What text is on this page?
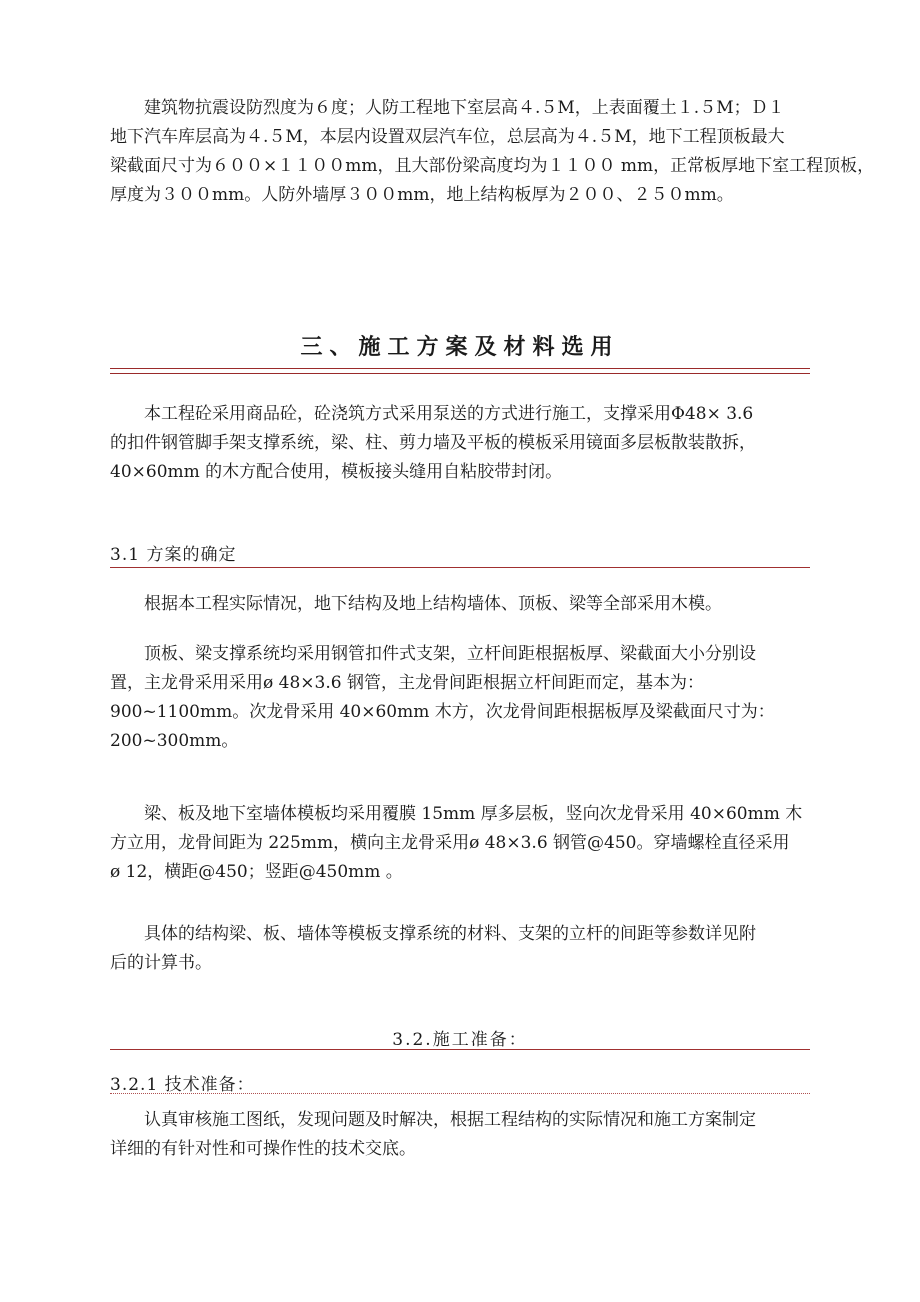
建筑物抗震设防烈度为６度；人防工程地下室层高４.５M，上表面覆土１.５M；Ｄ１
地下汽车库层高为４.５M，本层内设置双层汽车位，总层高为４.５M，地下工程顶板最大
梁截面尺寸为６００×１１００mm，且大部份梁高度均为１１００ mm，正常板厚地下室工程顶板，
厚度为３００mm。人防外墙厚３００mm，地上结构板厚为２００、２５０mm。
三、施工方案及材料选用
本工程砼采用商品砼，砼浇筑方式采用泵送的方式进行施工，支撑采用Φ48× 3.6
的扣件钢管脚手架支撑系统，梁、柱、剪力墙及平板的模板采用镜面多层板散装散拆，
40×60mm 的木方配合使用，模板接头缝用自粘胶带封闭。
3.1 方案的确定
根据本工程实际情况，地下结构及地上结构墙体、顶板、梁等全部采用木模。
顶板、梁支撑系统均采用钢管扣件式支架，立杆间距根据板厚、梁截面大小分别设
置，主龙骨采用采用ø 48×3.6 钢管，主龙骨间距根据立杆间距而定，基本为：
900~1100mm。次龙骨采用 40×60mm 木方，次龙骨间距根据板厚及梁截面尺寸为：
200~300mm。
梁、板及地下室墙体模板均采用覆膜 15mm 厚多层板，竖向次龙骨采用 40×60mm 木
方立用，龙骨间距为 225mm，横向主龙骨采用ø 48×3.6 钢管@450。穿墙螺栓直径采用
ø 12，横距@450；竖距@450mm 。
具体的结构梁、板、墙体等模板支撑系统的材料、支架的立杆的间距等参数详见附
后的计算书。
3.2.施工准备：
3.2.1 技术准备：
认真审核施工图纸，发现问题及时解决，根据工程结构的实际情况和施工方案制定
详细的有针对性和可操作性的技术交底。
